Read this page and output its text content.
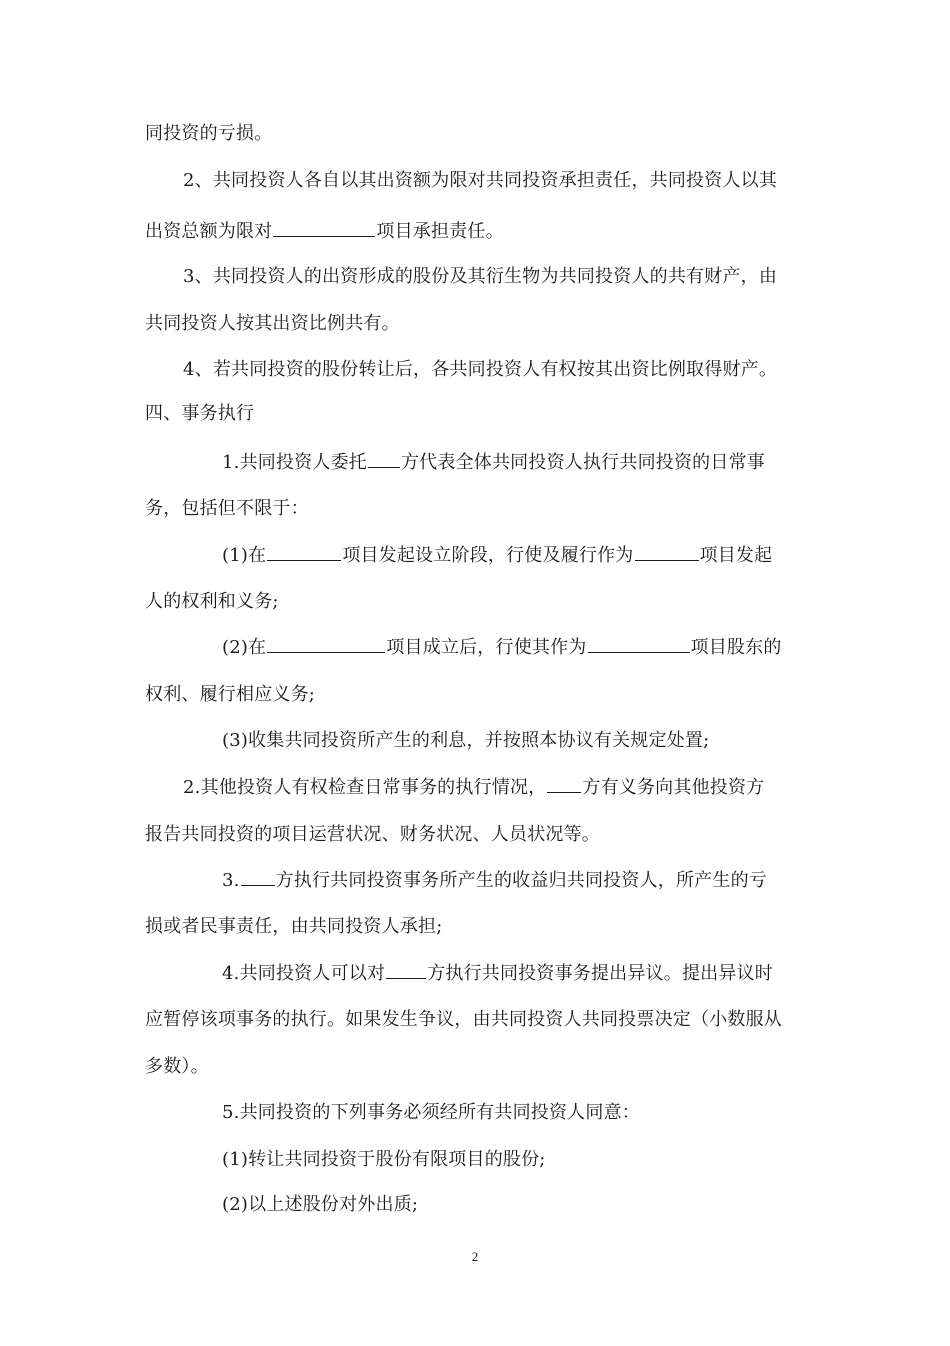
同投资的亏损。
2、共同投资人各自以其出资额为限对共同投资承担责任，共同投资人以其
出资总额为限对	项目承担责任。
3、共同投资人的出资形成的股份及其衍生物为共同投资人的共有财产，由
共同投资人按其出资比例共有。
4、若共同投资的股份转让后，各共同投资人有权按其出资比例取得财产。
四、事务执行
1.共同投资人委托 方代表全体共同投资人执行共同投资的日常事
务，包括但不限于：
(1)在	项目发起设立阶段，行使及履行作为	项目发起
人的权利和义务;
(2)在	项目成立后，行使其作为	项目股东的
权利、履行相应义务;
(3)收集共同投资所产生的利息，并按照本协议有关规定处置;
2.其他投资人有权检查日常事务的执行情况， 方有义务向其他投资方
报告共同投资的项目运营状况、财务状况、人员状况等。
3. 方执行共同投资事务所产生的收益归共同投资人，所产生的亏
损或者民事责任，由共同投资人承担;
4.共同投资人可以对 方执行共同投资事务提出异议。提出异议时
应暂停该项事务的执行。如果发生争议，由共同投资人共同投票决定（小数服从
多数）。
5.共同投资的下列事务必须经所有共同投资人同意：
(1)转让共同投资于股份有限项目的股份;
(2)以上述股份对外出质;
2
